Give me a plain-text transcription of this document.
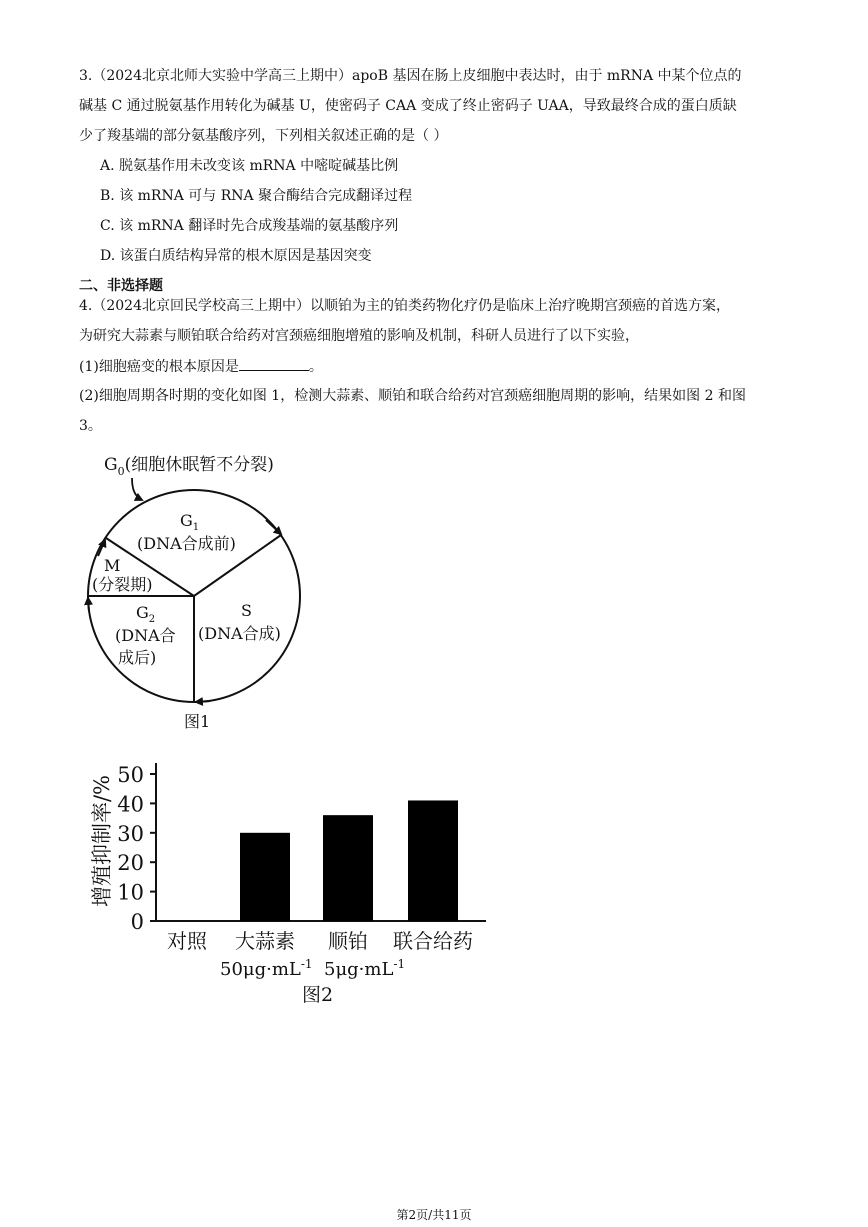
3.（2024北京北师大实验中学高三上期中）apoB 基因在肠上皮细胞中表达时，由于 mRNA 中某个位点的
碱基 C 通过脱氨基作用转化为碱基 U，使密码子 CAA 变成了终止密码子 UAA，导致最终合成的蛋白质缺
少了羧基端的部分氨基酸序列，下列相关叙述正确的是（ ）
A. 脱氨基作用未改变该 mRNA 中嘧啶碱基比例
B. 该 mRNA 可与 RNA 聚合酶结合完成翻译过程
C. 该 mRNA 翻译时先合成羧基端的氨基酸序列
D. 该蛋白质结构异常的根木原因是基因突变
二、非选择题
4.（2024北京回民学校高三上期中）以顺铂为主的铂类药物化疗仍是临床上治疗晚期宫颈癌的首选方案，
为研究大蒜素与顺铂联合给药对宫颈癌细胞增殖的影响及机制，科研人员进行了以下实验，
(1)细胞癌变的根本原因是	。
(2)细胞周期各时期的变化如图 1，检测大蒜素、顺铂和联合给药对宫颈癌细胞周期的影响，结果如图 2 和图
3。
$G_0$(细胞休眠暂不分裂)
$G_1$
(DNA合成前)
M
(分裂期)
$G_2$
(DNA合
成后)
S
(DNA合成)
图1
增殖抑制率/%
0
10
20
30
40
50
对照 大蒜素 顺铂 联合给药
$50\mu g\cdot mL^{-1}$ $5\mu g\cdot mL^{-1}$
图2
第2页/共11页
